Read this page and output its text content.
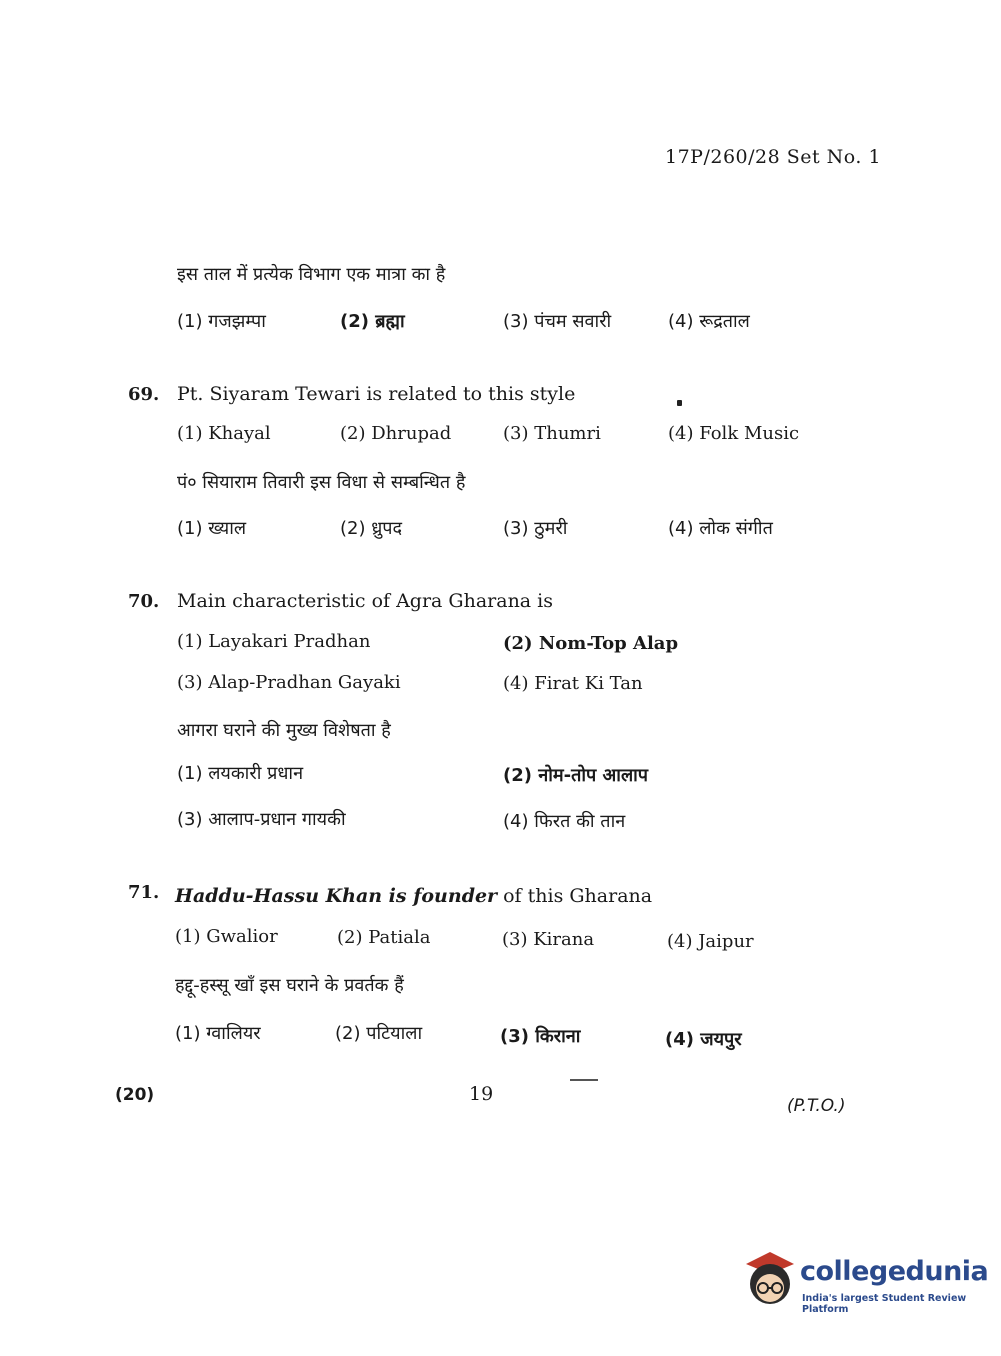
17P/260/28 Set No. 1
इस ताल में प्रत्येक विभाग एक मात्रा का है
(1) गजझम्पा	(2) ब्रह्मा	(3) पंचम सवारी	(4) रूद्रताल
69. Pt. Siyaram Tewari is related to this style
(1) Khayal	(2) Dhrupad	(3) Thumri	(4) Folk Music
पं० सियाराम तिवारी इस विधा से सम्बन्धित है
(1) ख्याल	(2) ध्रुपद	(3) ठुमरी	(4) लोक संगीत
70. Main characteristic of Agra Gharana is
(1) Layakari Pradhan	(2) Nom-Top Alap
(3) Alap-Pradhan Gayaki	(4) Firat Ki Tan
आगरा घराने की मुख्य विशेषता है
(1) लयकारी प्रधान	(2) नोम-तोप आलाप
(3) आलाप-प्रधान गायकी	(4) फिरत की तान
71. Haddu-Hassu Khan is founder of this Gharana
(1) Gwalior	(2) Patiala	(3) Kirana	(4) Jaipur
हद्दू-हस्सू खाँ इस घराने के प्रवर्तक हैं
(1) ग्वालियर	(2) पटियाला	(3) किराना	(4) जयपुर
(20)	19
(P.T.O.)
collegedunia
India's largest Student Review Platform
